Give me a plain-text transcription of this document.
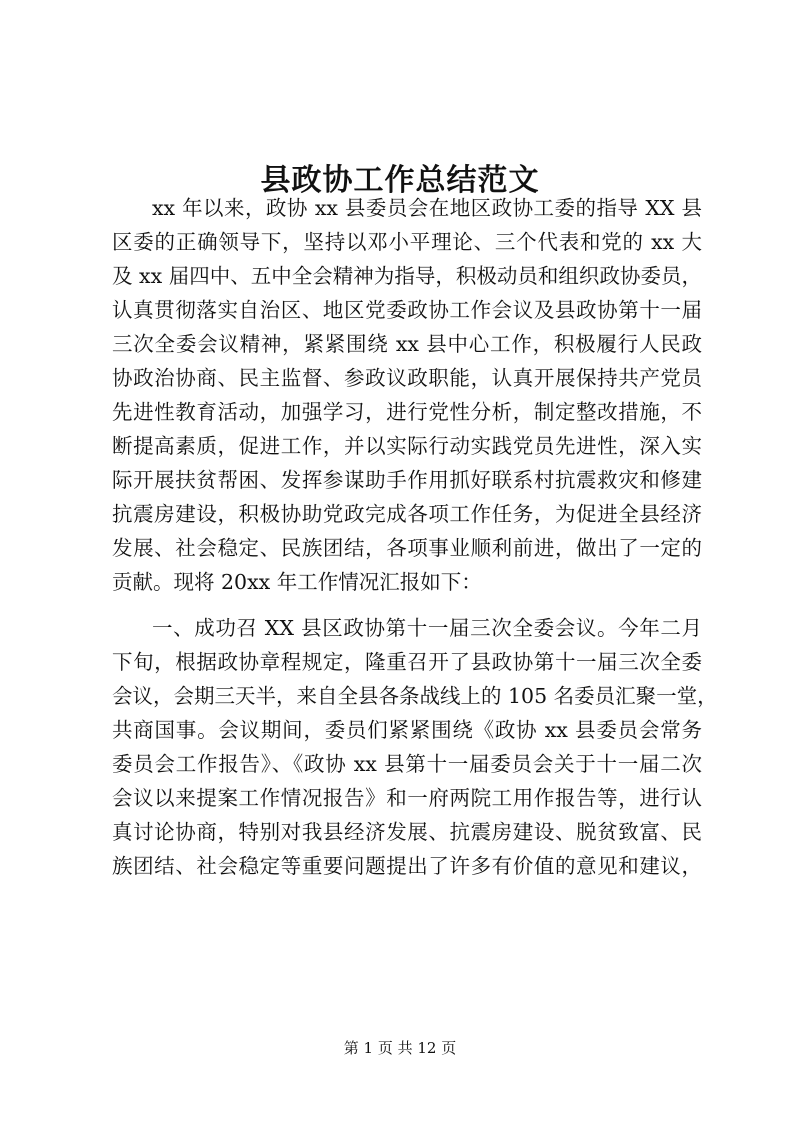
县政协工作总结范文
xx 年以来，政协 xx 县委员会在地区政协工委的指导 XX 县
区委的正确领导下，坚持以邓小平理论、三个代表和党的 xx 大
及 xx 届四中、五中全会精神为指导，积极动员和组织政协委员，
认真贯彻落实自治区、地区党委政协工作会议及县政协第十一届
三次全委会议精神，紧紧围绕 xx 县中心工作，积极履行人民政
协政治协商、民主监督、参政议政职能，认真开展保持共产党员
先进性教育活动，加强学习，进行党性分析，制定整改措施，不
断提高素质，促进工作，并以实际行动实践党员先进性，深入实
际开展扶贫帮困、发挥参谋助手作用抓好联系村抗震救灾和修建
抗震房建设，积极协助党政完成各项工作任务，为促进全县经济
发展、社会稳定、民族团结，各项事业顺利前进，做出了一定的
贡献。现将 20xx 年工作情况汇报如下：
一、成功召 XX 县区政协第十一届三次全委会议。今年二月
下旬，根据政协章程规定，隆重召开了县政协第十一届三次全委
会议，会期三天半，来自全县各条战线上的 105 名委员汇聚一堂，
共商国事。会议期间，委员们紧紧围绕《政协 xx 县委员会常务
委员会工作报告》、《政协 xx 县第十一届委员会关于十一届二次
会议以来提案工作情况报告》和一府两院工用作报告等，进行认
真讨论协商，特别对我县经济发展、抗震房建设、脱贫致富、民
族团结、社会稳定等重要问题提出了许多有价值的意见和建议，
第 1 页 共 12 页
